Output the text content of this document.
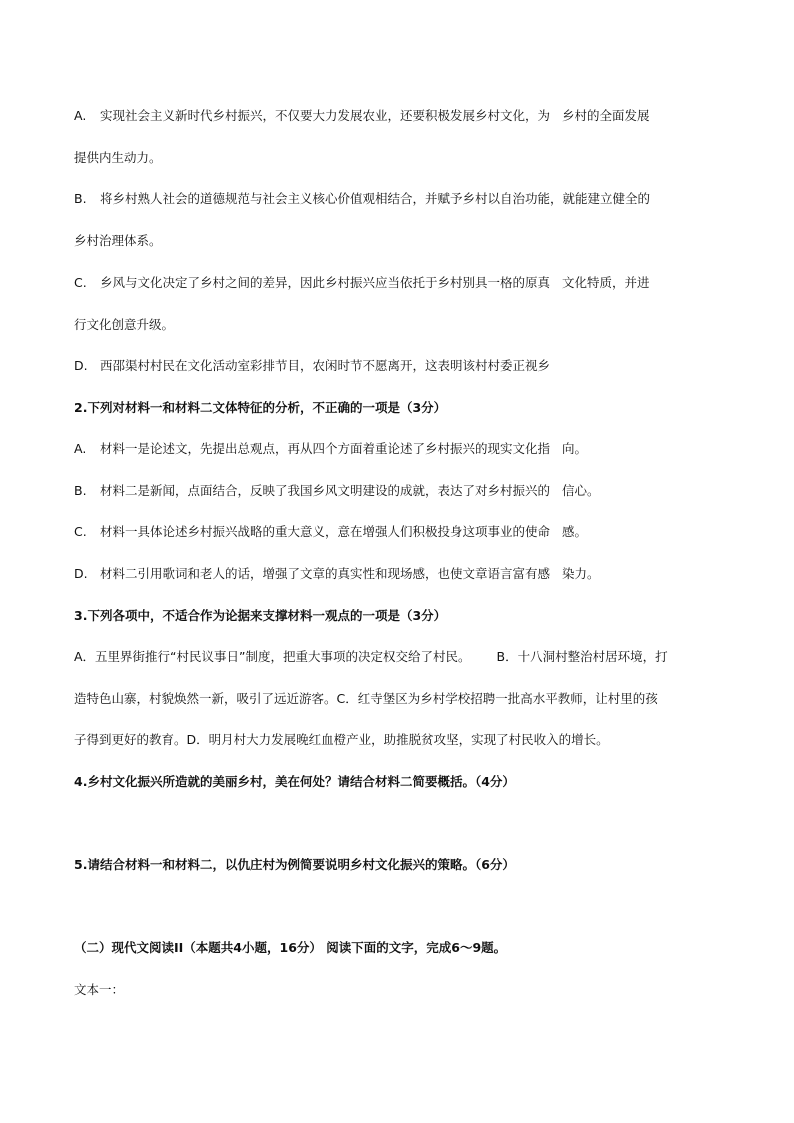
A. 实现社会主义新时代乡村振兴，不仅要大力发展农业，还要积极发展乡村文化，为 乡村的全面发展
提供内生动力。
B. 将乡村熟人社会的道德规范与社会主义核心价值观相结合，并赋予乡村以自治功能，就能建立健全的
乡村治理体系。
C. 乡风与文化决定了乡村之间的差异，因此乡村振兴应当依托于乡村别具一格的原真 文化特质，并进
行文化创意升级。
D. 西邵渠村村民在文化活动室彩排节目，农闲时节不愿离开，这表明该村村委正视乡
2.下列对材料一和材料二文体特征的分析，不正确的一项是（3分）
A. 材料一是论述文，先提出总观点，再从四个方面着重论述了乡村振兴的现实文化指 向。
B. 材料二是新闻，点面结合，反映了我国乡风文明建设的成就，表达了对乡村振兴的 信心。
C. 材料一具体论述乡村振兴战略的重大意义，意在增强人们积极投身这项事业的使命 感。
D. 材料二引用歌词和老人的话，增强了文章的真实性和现场感，也使文章语言富有感 染力。
3.下列各项中，不适合作为论据来支撑材料一观点的一项是（3分）
A．五里界街推行“村民议事日”制度，把重大事项的决定权交给了村民。 B．十八洞村整治村居环境，打
造特色山寨，村貌焕然一新，吸引了远近游客。C．红寺堡区为乡村学校招聘一批高水平教师，让村里的孩
子得到更好的教育。D．明月村大力发展晚红血橙产业，助推脱贫攻坚，实现了村民收入的增长。
4.乡村文化振兴所造就的美丽乡村，美在何处？请结合材料二简要概括。（4分）
5.请结合材料一和材料二，以仇庄村为例简要说明乡村文化振兴的策略。（6分）
（二）现代文阅读II（本题共4小题，16分） 阅读下面的文字，完成6～9题。
文本一：
